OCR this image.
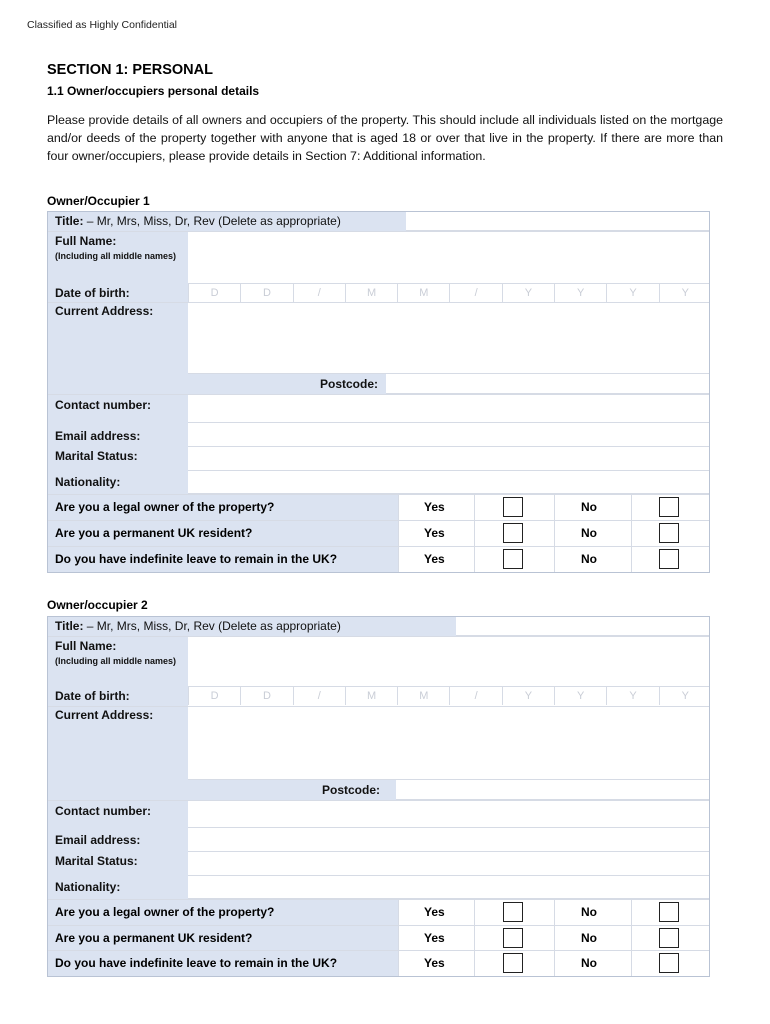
Classified as Highly Confidential
SECTION 1: PERSONAL
1.1 Owner/occupiers personal details
Please provide details of all owners and occupiers of the property. This should include all individuals listed on the mortgage and/or deeds of the property together with anyone that is aged 18 or over that live in the property. If there are more than four owner/occupiers, please provide details in Section 7: Additional information.
Owner/Occupier 1
Title: – Mr, Mrs, Miss, Dr, Rev (Delete as appropriate)
Full Name:
(Including all middle names)
Date of birth:	D	D	/	M	M	/	Y	Y	Y	Y
Current Address:
Postcode:
Contact number:
Email address:
Marital Status:
Nationality:
Are you a legal owner of the property?	Yes	No
Are you a permanent UK resident?	Yes	No
Do you have indefinite leave to remain in the UK?	Yes	No
Owner/occupier 2
Title: – Mr, Mrs, Miss, Dr, Rev (Delete as appropriate)
Full Name:
(Including all middle names)
Date of birth:	D	D	/	M	M	/	Y	Y	Y	Y
Current Address:
Postcode:
Contact number:
Email address:
Marital Status:
Nationality:
Are you a legal owner of the property?	Yes	No
Are you a permanent UK resident?	Yes	No
Do you have indefinite leave to remain in the UK?	Yes	No
